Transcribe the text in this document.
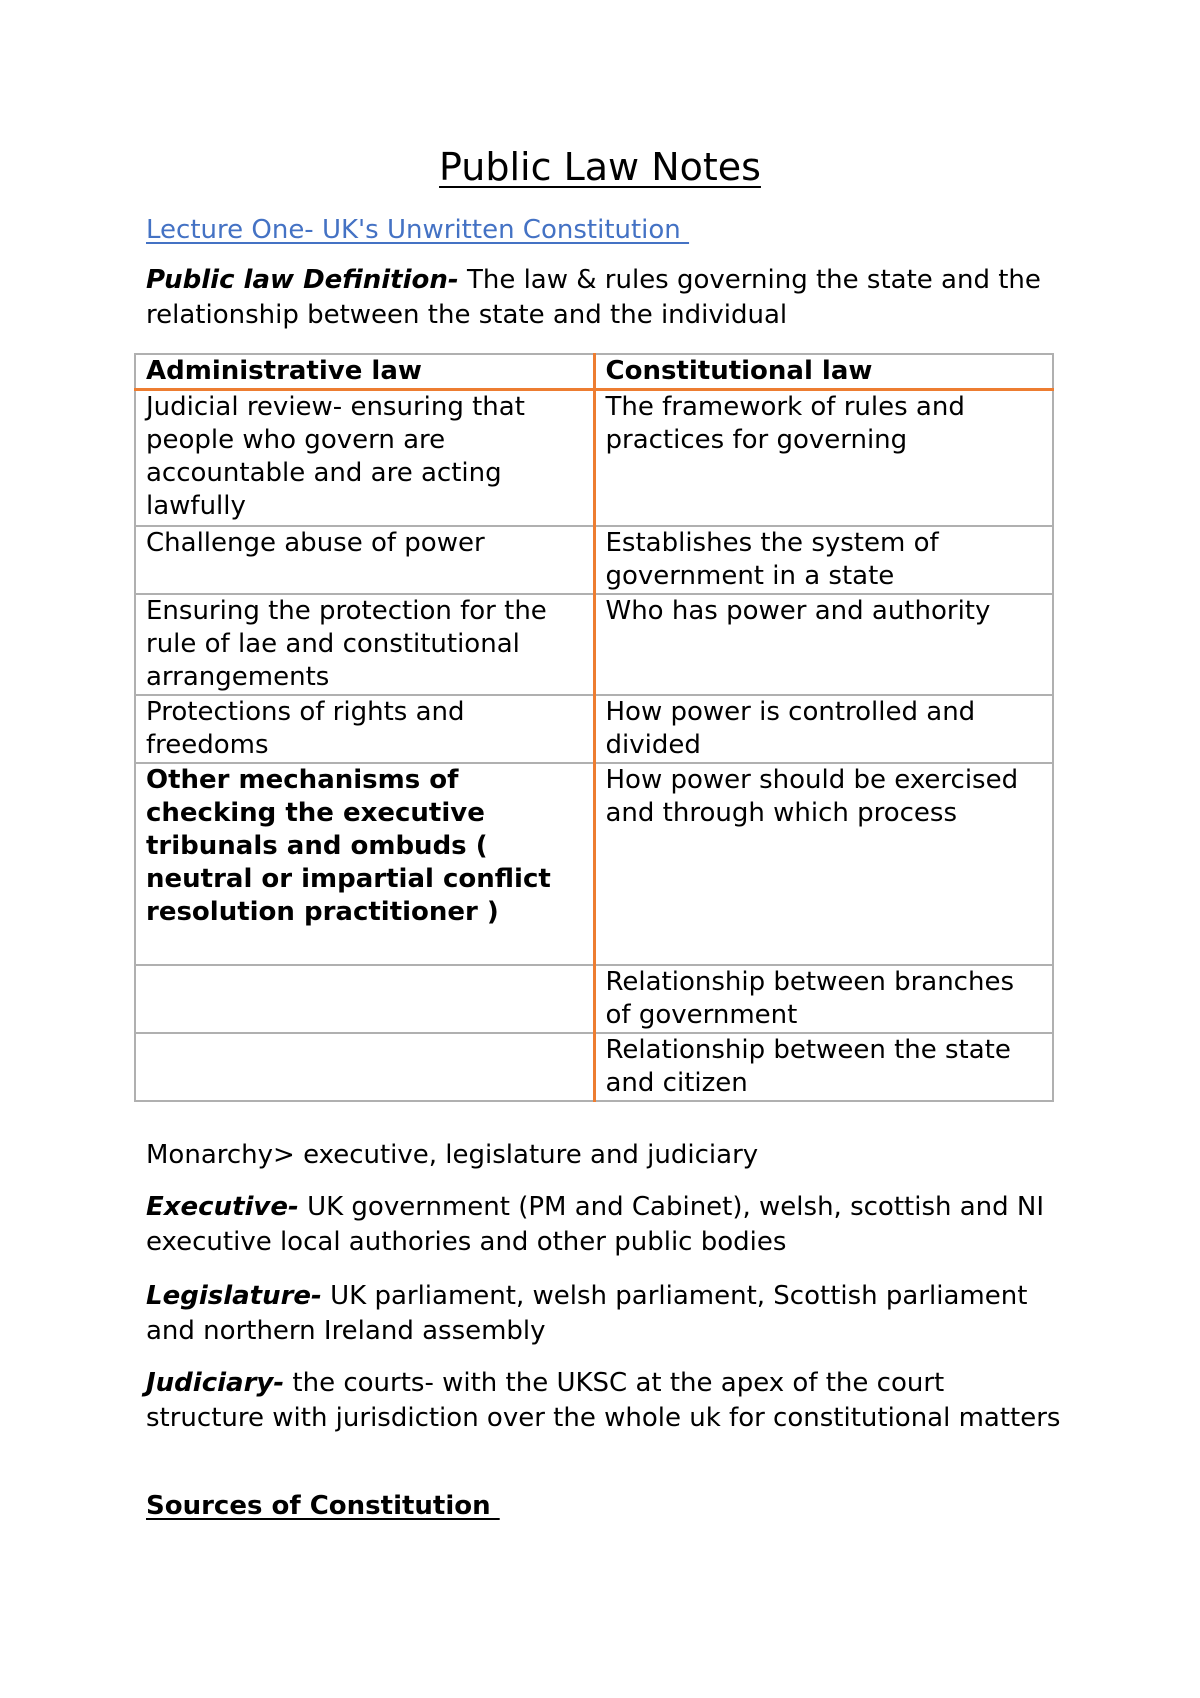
Public Law Notes
Lecture One- UK's Unwritten Constitution
Public law Definition- The law & rules governing the state and the relationship between the state and the individual
Administrative law	Constitutional law
Judicial review- ensuring that people who govern are accountable and are acting lawfully	The framework of rules and practices for governing
Challenge abuse of power	Establishes the system of government in a state
Ensuring the protection for the rule of lae and constitutional arrangements	Who has power and authority
Protections of rights and freedoms	How power is controlled and divided
Other mechanisms of checking the executive tribunals and ombuds ( neutral or impartial conflict resolution practitioner )	How power should be exercised and through which process
	Relationship between branches of government
	Relationship between the state and citizen
Monarchy> executive, legislature and judiciary
Executive- UK government (PM and Cabinet), welsh, scottish and NI executive local authories and other public bodies
Legislature- UK parliament, welsh parliament, Scottish parliament and northern Ireland assembly
Judiciary- the courts- with the UKSC at the apex of the court structure with jurisdiction over the whole uk for constitutional matters
Sources of Constitution
